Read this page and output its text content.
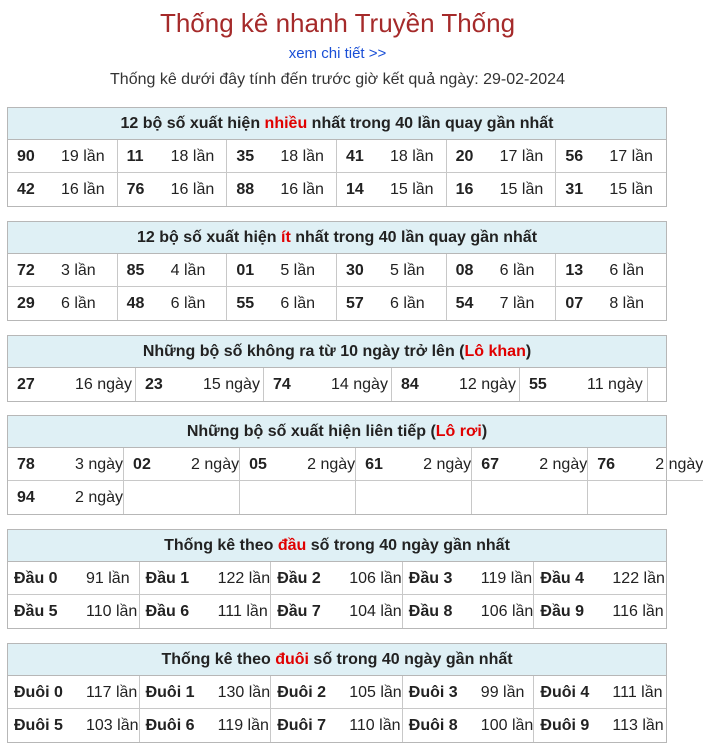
Thống kê nhanh Truyền Thống
xem chi tiết >>
Thống kê dưới đây tính đến trước giờ kết quả ngày: 29-02-2024
12 bộ số xuất hiện nhiều nhất trong 40 lần quay gần nhất
90 19 lần	11 18 lần	35 18 lần	41 18 lần	20 17 lần	56 17 lần
42 16 lần	76 16 lần	88 16 lần	14 15 lần	16 15 lần	31 15 lần
12 bộ số xuất hiện ít nhất trong 40 lần quay gần nhất
72 3 lần	85 4 lần	01 5 lần	30 5 lần	08 6 lần	13 6 lần
29 6 lần	48 6 lần	55 6 lần	57 6 lần	54 7 lần	07 8 lần
Những bộ số không ra từ 10 ngày trở lên (Lô khan)
27	16 ngày 23	15 ngày 74	14 ngày 84	12 ngày 55	11 ngày
Những bộ số xuất hiện liên tiếp (Lô rơi)
78	3 ngày 02	2 ngày 05	2 ngày 61	2 ngày 67	2 ngày 76	2 ngày
94	2 ngày
Thống kê theo đầu số trong 40 ngày gần nhất
Đầu 0 91 lần	Đầu 1 122 lần Đầu 2 106 lần Đầu 3 119 lần Đầu 4 122 lần
Đầu 5 110 lần Đầu 6 111 lần Đầu 7 104 lần Đầu 8 106 lần Đầu 9 116 lần
Thống kê theo đuôi số trong 40 ngày gần nhất
Đuôi 0 117 lần Đuôi 1 130 lần Đuôi 2 105 lần Đuôi 3 99 lần	Đuôi 4 111 lần
Đuôi 5 103 lần Đuôi 6 119 lần Đuôi 7 110 lần Đuôi 8 100 lần Đuôi 9 113 lần
